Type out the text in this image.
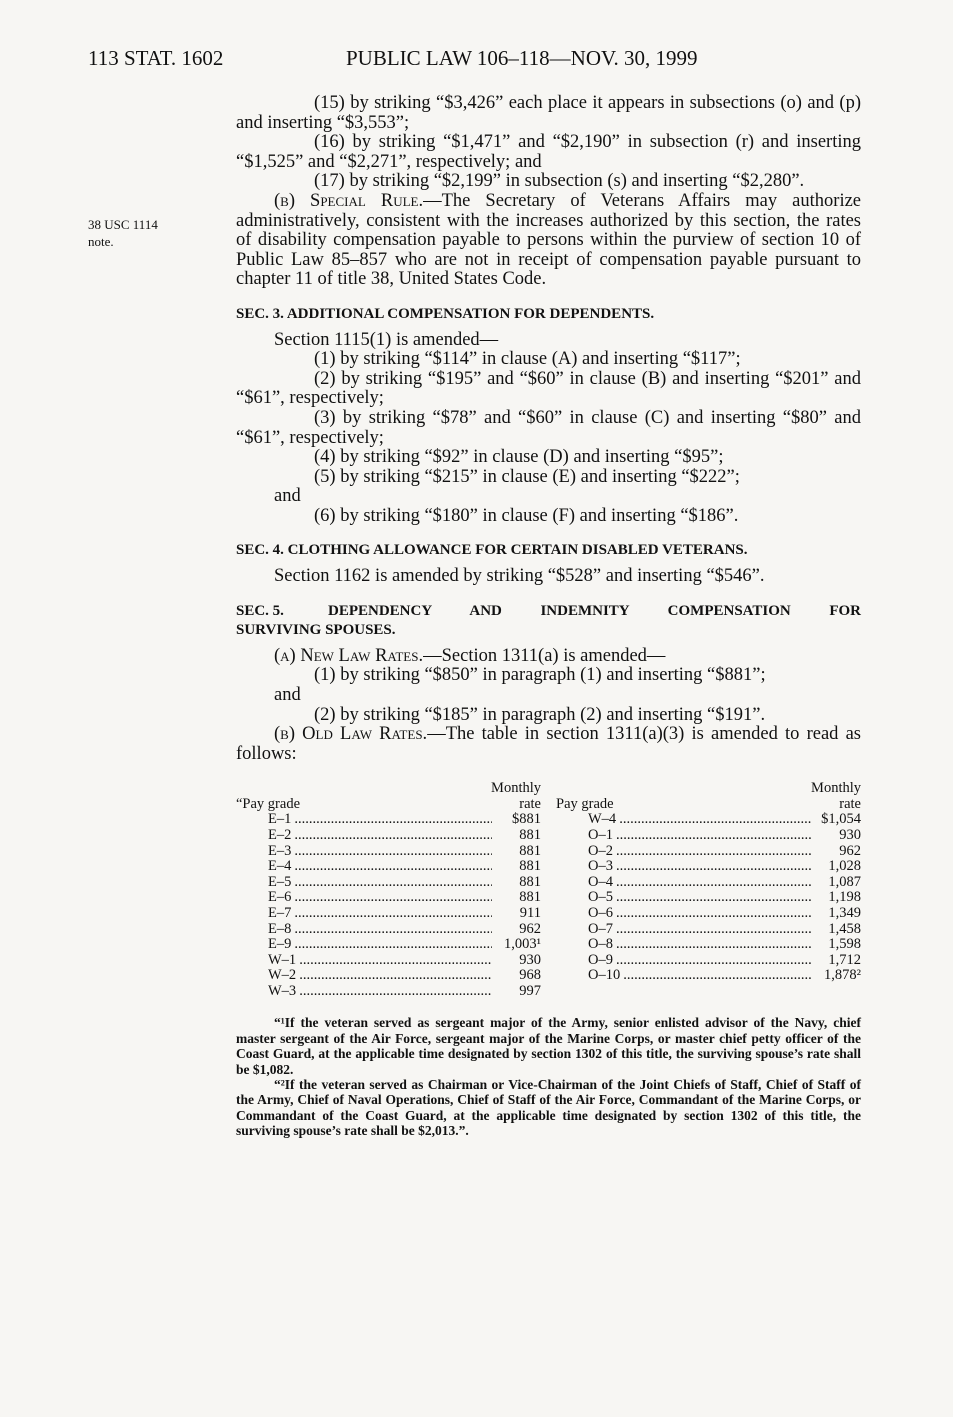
113 STAT. 1602	PUBLIC LAW 106–118—NOV. 30, 1999
38 USC 1114
note.

(15) by striking “$3,426” each place it appears in subsections (o) and (p) and inserting “$3,553”;

(16) by striking “$1,471” and “$2,190” in subsection (r) and inserting “$1,525” and “$2,271”, respectively; and

(17) by striking “$2,199” in subsection (s) and inserting “$2,280”.

(b) Special Rule.—The Secretary of Veterans Affairs may authorize administratively, consistent with the increases authorized by this section, the rates of disability compensation payable to persons within the purview of section 10 of Public Law 85–857 who are not in receipt of compensation payable pursuant to chapter 11 of title 38, United States Code.

SEC. 3. ADDITIONAL COMPENSATION FOR DEPENDENTS.

Section 1115(1) is amended—

(1) by striking “$114” in clause (A) and inserting “$117”;

(2) by striking “$195” and “$60” in clause (B) and inserting “$201” and “$61”, respectively;

(3) by striking “$78” and “$60” in clause (C) and inserting “$80” and “$61”, respectively;

(4) by striking “$92” in clause (D) and inserting “$95”;

(5) by striking “$215” in clause (E) and inserting “$222”;

and

(6) by striking “$180” in clause (F) and inserting “$186”.

SEC. 4. CLOTHING ALLOWANCE FOR CERTAIN DISABLED VETERANS.

Section 1162 is amended by striking “$528” and inserting “$546”.

SEC. 5.	DEPENDENCY AND INDEMNITY COMPENSATION FOR
SURVIVING SPOUSES.

(a) New Law Rates.—Section 1311(a) is amended—

(1) by striking “$850” in paragraph (1) and inserting “$881”;

and

(2) by striking “$185” in paragraph (2) and inserting “$191”.

(b) Old Law Rates.—The table in section 1311(a)(3) is amended to read as follows:

“Pay grade
Monthly
rate
E–1 .....	$881
E–2 .....	881
E–3 .....	881
E–4 .....	881
E–5 .....	881
E–6 .....	881
E–7 .....	911
E–8 .....	962
E–9 .....	1,003¹
W–1 .....	930
W–2 .....	968
W–3 .....	997
Pay grade
Monthly
rate
W–4 .....	$1,054
O–1 .....	930
O–2 .....	962
O–3 .....	1,028
O–4 .....	1,087
O–5 .....	1,198
O–6 .....	1,349
O–7 .....	1,458
O–8 .....	1,598
O–9 .....	1,712
O–10 .....	1,878²

“¹If the veteran served as sergeant major of the Army, senior enlisted advisor of the Navy, chief master sergeant of the Air Force, sergeant major of the Marine Corps, or master chief petty officer of the Coast Guard, at the applicable time designated by section 1302 of this title, the surviving spouse’s rate shall be $1,082.

“²If the veteran served as Chairman or Vice-Chairman of the Joint Chiefs of Staff, Chief of Staff of the Army, Chief of Naval Operations, Chief of Staff of the Air Force, Commandant of the Marine Corps, or Commandant of the Coast Guard, at the applicable time designated by section 1302 of this title, the surviving spouse’s rate shall be $2,013.”.
